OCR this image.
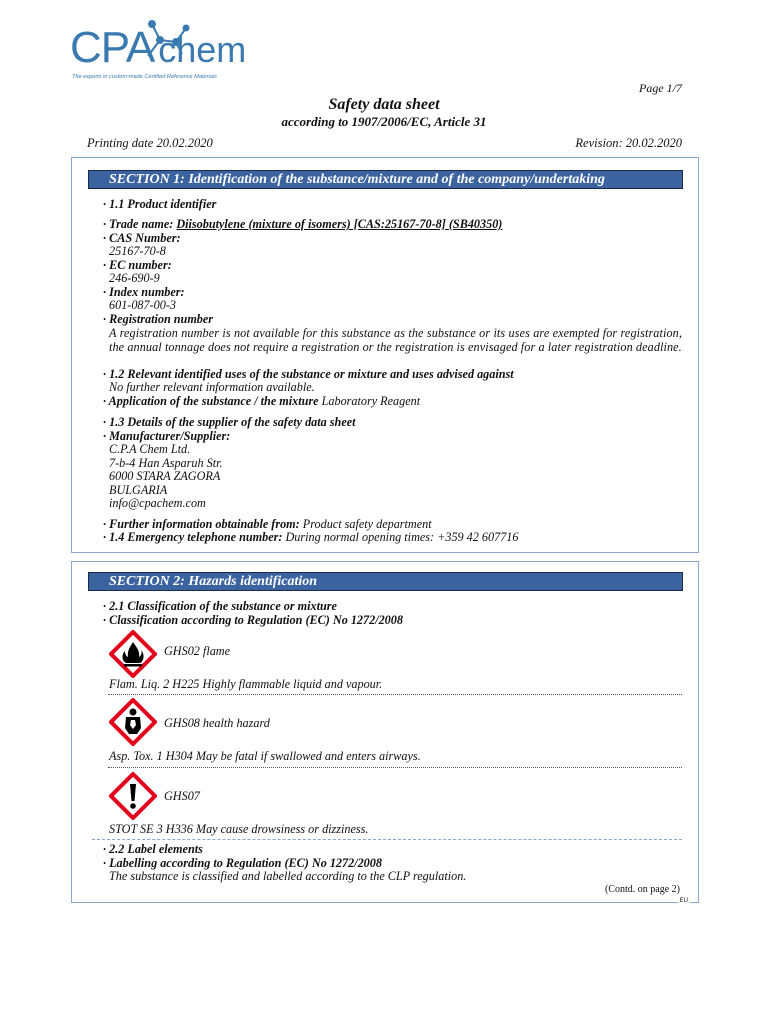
CPA chem
The experts in custom-made Certified Reference Materials
Page 1/7
Safety data sheet
according to 1907/2006/EC, Article 31
Printing date 20.02.2020	Revision: 20.02.2020
SECTION 1: Identification of the substance/mixture and of the company/undertaking
· 1.1 Product identifier
· Trade name: Diisobutylene (mixture of isomers) [CAS:25167-70-8] (SB40350)
· CAS Number:
25167-70-8
· EC number:
246-690-9
· Index number:
601-087-00-3
· Registration number
A registration number is not available for this substance as the substance or its uses are exempted for registration, the annual tonnage does not require a registration or the registration is envisaged for a later registration deadline.
· 1.2 Relevant identified uses of the substance or mixture and uses advised against
No further relevant information available.
· Application of the substance / the mixture Laboratory Reagent
· 1.3 Details of the supplier of the safety data sheet
· Manufacturer/Supplier:
C.P.A Chem Ltd.
7-b-4 Han Asparuh Str.
6000 STARA ZAGORA
BULGARIA
info@cpachem.com
· Further information obtainable from: Product safety department
· 1.4 Emergency telephone number: During normal opening times: +359 42 607716
SECTION 2: Hazards identification
· 2.1 Classification of the substance or mixture
· Classification according to Regulation (EC) No 1272/2008
GHS02 flame
Flam. Liq. 2 H225 Highly flammable liquid and vapour.
GHS08 health hazard
Asp. Tox. 1 H304 May be fatal if swallowed and enters airways.
GHS07
STOT SE 3 H336 May cause drowsiness or dizziness.
· 2.2 Label elements
· Labelling according to Regulation (EC) No 1272/2008
The substance is classified and labelled according to the CLP regulation.
(Contd. on page 2)
EU
